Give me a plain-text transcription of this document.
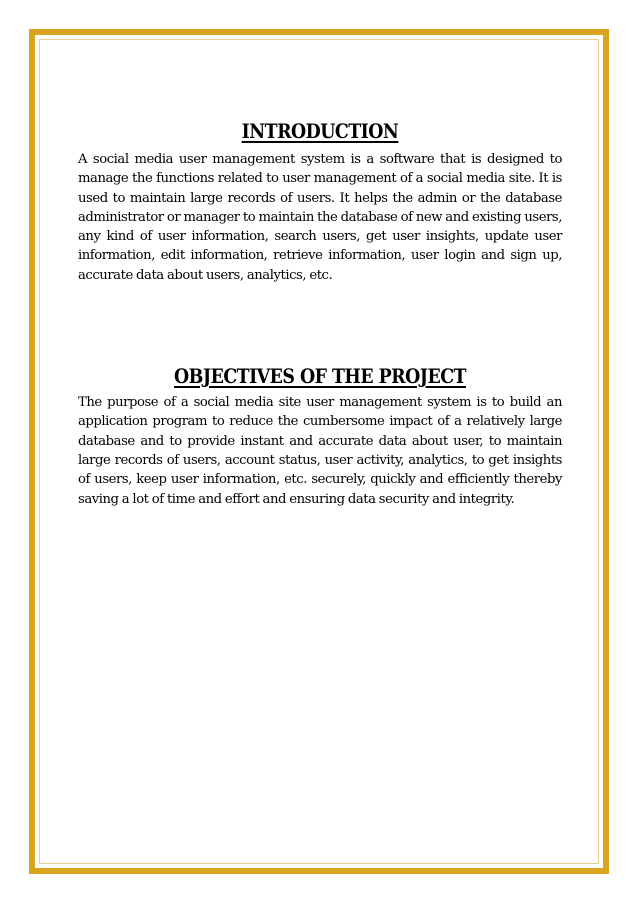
INTRODUCTION

A social media user management system is a software that is designed to manage the functions related to user management of a social media site. It is used to maintain large records of users. It helps the admin or the database administrator or manager to maintain the database of new and existing users, any kind of user information, search users, get user insights, update user information, edit information, retrieve information, user login and sign up, accurate data about users, analytics, etc.

OBJECTIVES OF THE PROJECT

The purpose of a social media site user management system is to build an application program to reduce the cumbersome impact of a relatively large database and to provide instant and accurate data about user, to maintain large records of users, account status, user activity, analytics, to get insights of users, keep user information, etc. securely, quickly and efficiently thereby saving a lot of time and effort and ensuring data security and integrity.
